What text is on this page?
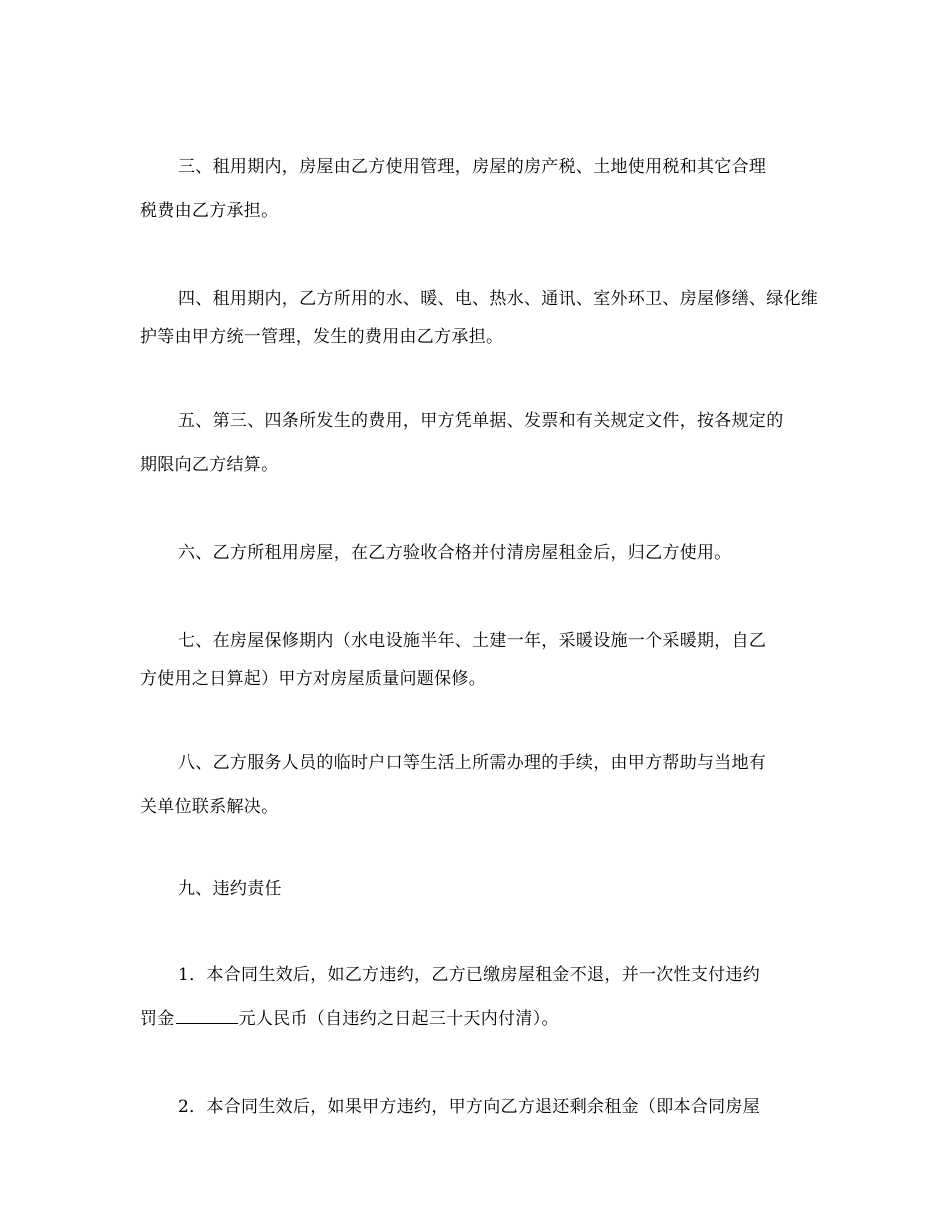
三、租用期内，房屋由乙方使用管理，房屋的房产税、土地使用税和其它合理
税费由乙方承担。
四、租用期内，乙方所用的水、暖、电、热水、通讯、室外环卫、房屋修缮、绿化维
护等由甲方统一管理，发生的费用由乙方承担。
五、第三、四条所发生的费用，甲方凭单据、发票和有关规定文件，按各规定的
期限向乙方结算。
六、乙方所租用房屋，在乙方验收合格并付清房屋租金后，归乙方使用。
七、在房屋保修期内（水电设施半年、土建一年，采暖设施一个采暖期，自乙
方使用之日算起）甲方对房屋质量问题保修。
八、乙方服务人员的临时户口等生活上所需办理的手续，由甲方帮助与当地有
关单位联系解决。
九、违约责任
1．本合同生效后，如乙方违约，乙方已缴房屋租金不退，并一次性支付违约
罚金	元人民币（自违约之日起三十天内付清）。
2．本合同生效后，如果甲方违约，甲方向乙方退还剩余租金（即本合同房屋
